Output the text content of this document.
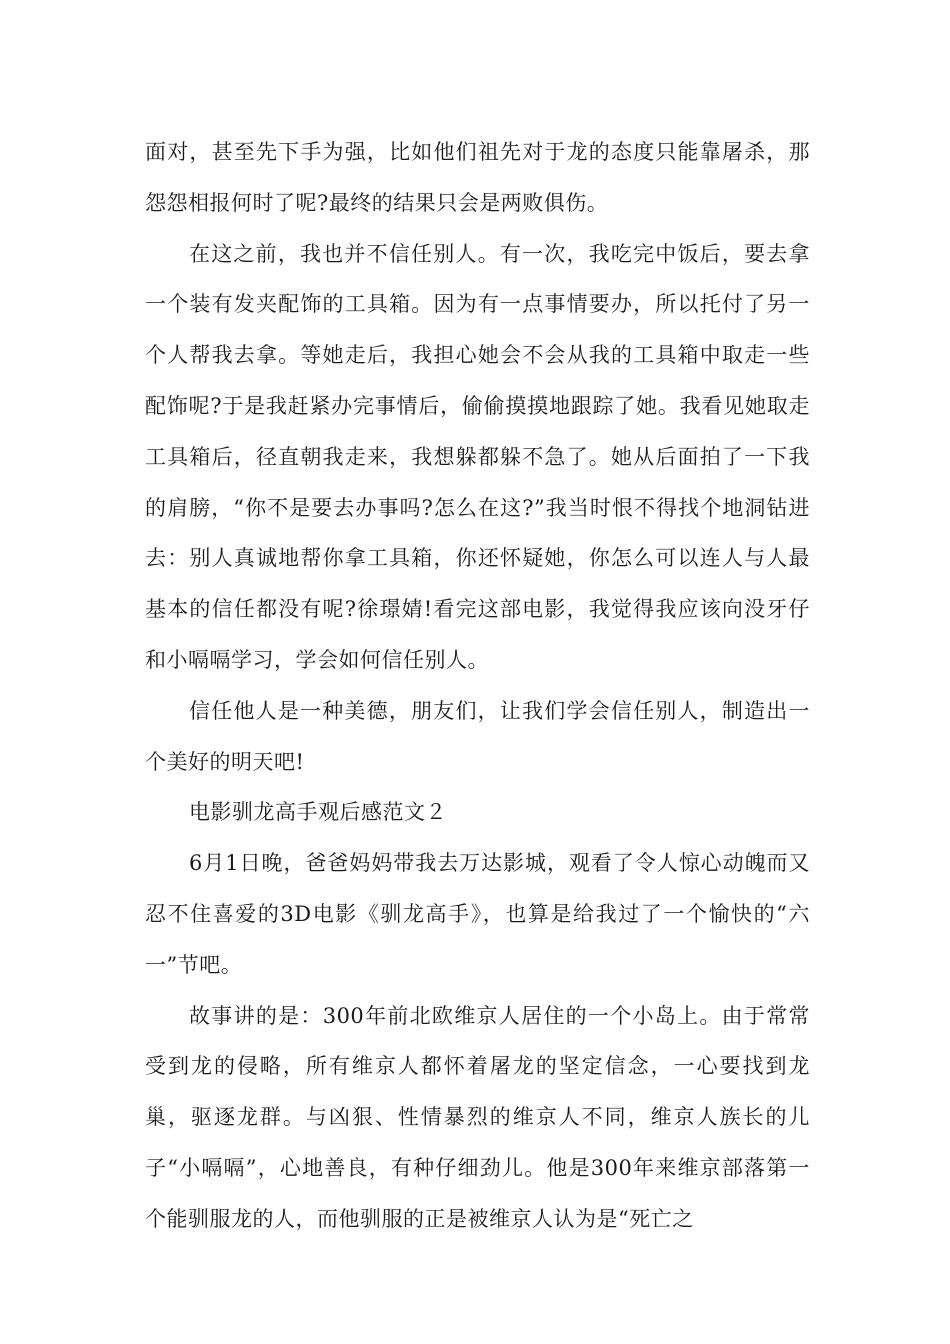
面对，甚至先下手为强，比如他们祖先对于龙的态度只能靠屠杀，那怨怨相报何时了呢?最终的结果只会是两败俱伤。

在这之前，我也并不信任别人。有一次，我吃完中饭后，要去拿一个装有发夹配饰的工具箱。因为有一点事情要办，所以托付了另一个人帮我去拿。等她走后，我担心她会不会从我的工具箱中取走一些配饰呢?于是我赶紧办完事情后，偷偷摸摸地跟踪了她。我看见她取走工具箱后，径直朝我走来，我想躲都躲不急了。她从后面拍了一下我的肩膀，“你不是要去办事吗?怎么在这?”我当时恨不得找个地洞钻进去：别人真诚地帮你拿工具箱，你还怀疑她，你怎么可以连人与人最基本的信任都没有呢?徐璟婧!看完这部电影，我觉得我应该向没牙仔和小嗝嗝学习，学会如何信任别人。

信任他人是一种美德，朋友们，让我们学会信任别人，制造出一个美好的明天吧!

电影驯龙高手观后感范文２

6月1日晚，爸爸妈妈带我去万达影城，观看了令人惊心动魄而又忍不住喜爱的3D电影《驯龙高手》，也算是给我过了一个愉快的“六一”节吧。

故事讲的是：300年前北欧维京人居住的一个小岛上。由于常常受到龙的侵略，所有维京人都怀着屠龙的坚定信念，一心要找到龙巢，驱逐龙群。与凶狠、性情暴烈的维京人不同，维京人族长的儿子“小嗝嗝”，心地善良，有种仔细劲儿。他是300年来维京部落第一个能驯服龙的人，而他驯服的正是被维京人认为是“死亡之
